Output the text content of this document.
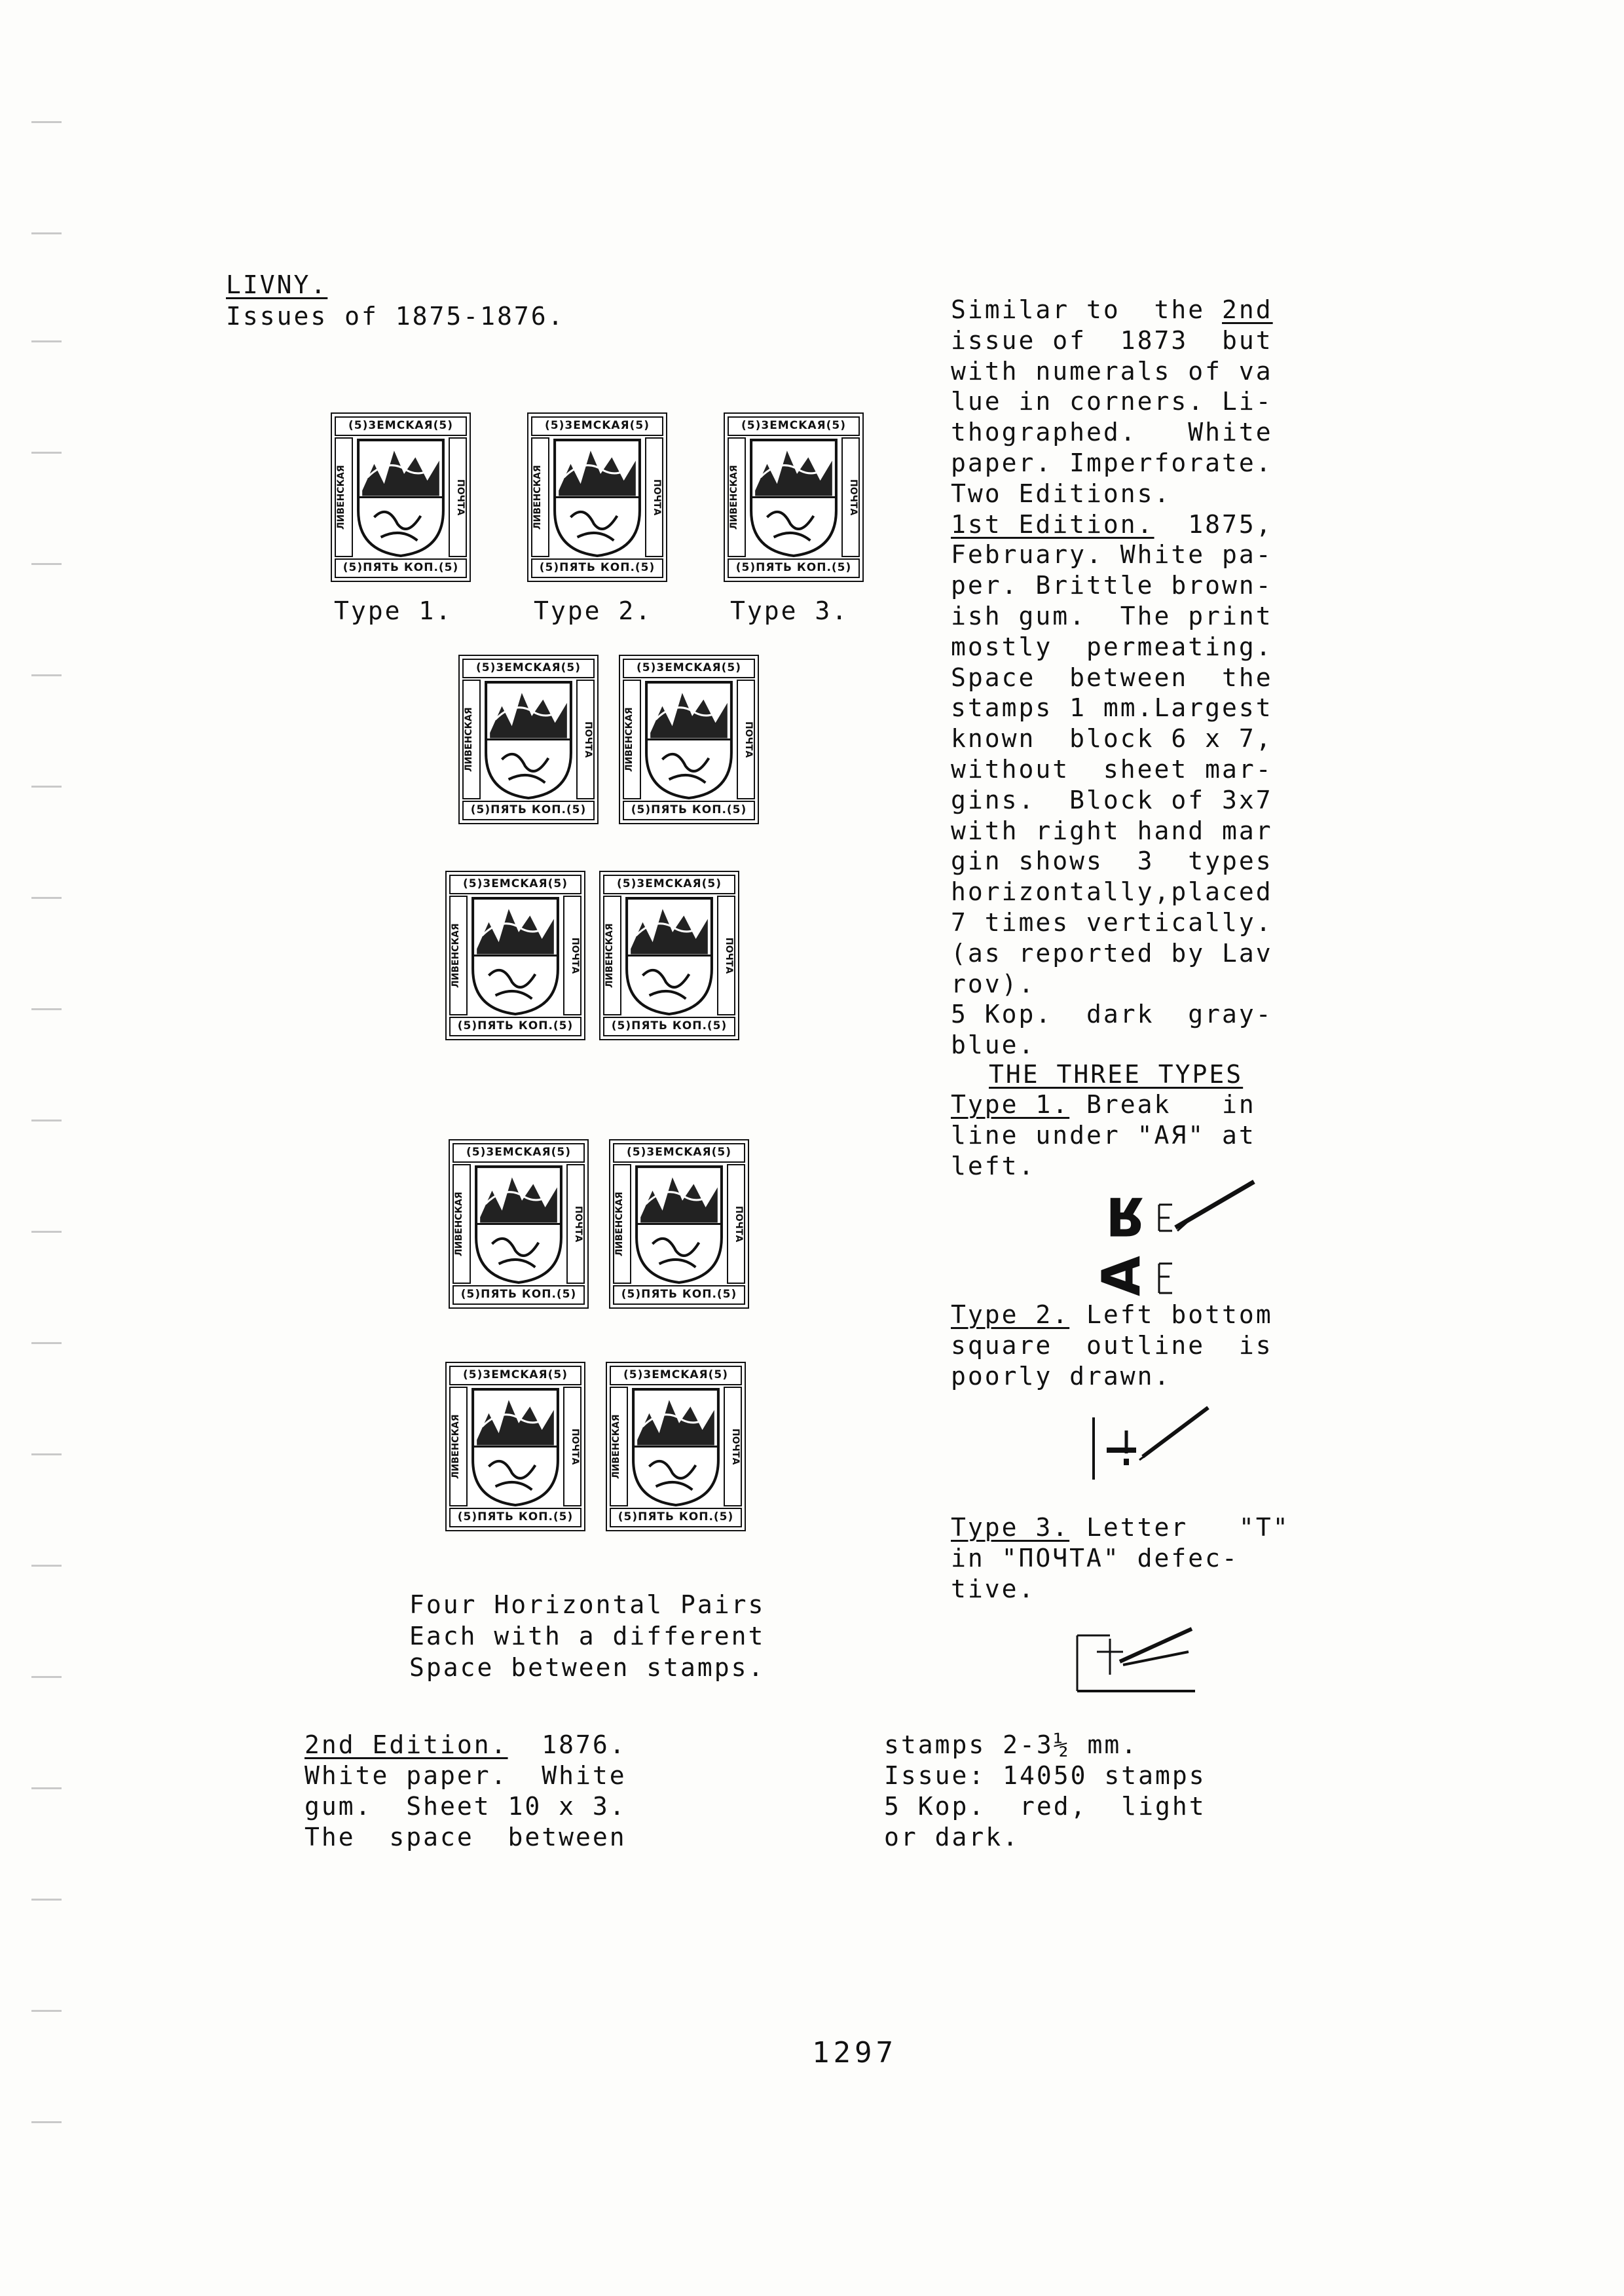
LIVNY.
Issues of 1875-1876.
(5)3EMCKAЯ(5)
ЛИВЕНСКАЯ	ПОЧТА
(5)ПЯТЬ КОП.(5)
(5)3EMCKAЯ(5)
ЛИВЕНСКАЯ	ПОЧТА
(5)ПЯТЬ КОП.(5)
(5)3EMCKAЯ(5)
ЛИВЕНСКАЯ	ПОЧТА
(5)ПЯТЬ КОП.(5)
(5)3EMCKAЯ(5)
ЛИВЕНСКАЯ	ПОЧТА
(5)ПЯТЬ КОП.(5)
(5)3EMCKAЯ(5)
ЛИВЕНСКАЯ	ПОЧТА
(5)ПЯТЬ КОП.(5)
(5)3EMCKAЯ(5)
ЛИВЕНСКАЯ	ПОЧТА
(5)ПЯТЬ КОП.(5)
(5)3EMCKAЯ(5)
ЛИВЕНСКАЯ	ПОЧТА
(5)ПЯТЬ КОП.(5)
(5)3EMCKAЯ(5)
ЛИВЕНСКАЯ	ПОЧТА
(5)ПЯТЬ КОП.(5)
(5)3EMCKAЯ(5)
ЛИВЕНСКАЯ	ПОЧТА
(5)ПЯТЬ КОП.(5)
(5)3EMCKAЯ(5)
ЛИВЕНСКАЯ	ПОЧТА
(5)ПЯТЬ КОП.(5)
(5)3EMCKAЯ(5)
ЛИВЕНСКАЯ	ПОЧТА
(5)ПЯТЬ КОП.(5)
Type 1.	Type 2.	Type 3.
Four Horizontal Pairs
Each with a different
Space between stamps.
Similar to  the 2nd
issue of  1873  but
with numerals of va
lue in corners. Li-
thographed.   White
paper. Imperforate.
Two Editions.
1st Edition.  1875,
February. White pa-
per. Brittle brown-
ish gum.  The print
mostly  permeating.
Space  between  the
stamps 1 mm.Largest
known  block 6 x 7,
without  sheet mar-
gins.  Block of 3x7
with right hand mar
gin shows  3  types
horizontally,placed
7 times vertically.
(as reported by Lav
rov).
5 Kop.  dark  gray-
blue.
THE THREE TYPES
Type 1. Break   in
line under "AЯ" at
left.
Я
A
Type 2. Left bottom
square  outline  is
poorly drawn.
Type 3. Letter   "T"
in "ПОЧТА" defec-
tive.
2nd Edition.  1876.
White paper.  White
gum.  Sheet 10 x 3.
The  space  between
stamps 2-3½ mm.
Issue: 14050 stamps
5 Kop.  red,  light
or dark.
1297
